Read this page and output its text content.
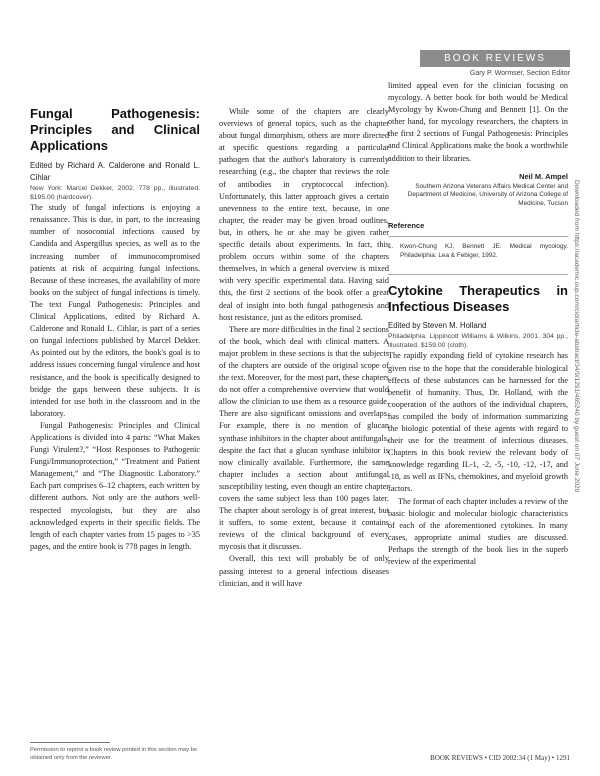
BOOK REVIEWS
Gary P. Wormser, Section Editor
Fungal Pathogenesis: Principles and Clinical Applications

Edited by Richard A. Calderone and Ronald L. Cihlar

New York: Marcel Dekker, 2002. 778 pp., illustrated. $195.00 (hardcover).

The study of fungal infections is enjoying a renaissance. This is due, in part, to the increasing number of nosocomial infections caused by Candida and Aspergillus species, as well as to the increasing number of immunocompromised patients at risk of acquiring fungal infections. Because of these increases, the availability of more books on the subject of fungal infections is timely. The text Fungal Pathogenesis: Principles and Clinical Applications, edited by Richard A. Calderone and Ronald L. Cihlar, is part of a series on fungal infections published by Marcel Dekker. As pointed out by the editors, the book's goal is to address issues concerning fungal virulence and host resistance, and the book is specifically designed to bridge the gaps between these subjects. It is intended for use both in the classroom and in the laboratory.

Fungal Pathogenesis: Principles and Clinical Applications is divided into 4 parts: “What Makes Fungi Virulent?,” “Host Responses to Pathogenic Fungi/Immunoprotection,” “Treatment and Patient Management,” and “The Diagnostic Laboratory.” Each part comprises 6–12 chapters, each written by different authors. Not only are the authors well-respected mycologists, but they are also acknowledged experts in their specific fields. The length of each chapter varies from 15 pages to >35 pages, and the entire book is 778 pages in length.

While some of the chapters are clearly overviews of general topics, such as the chapter about fungal dimorphism, others are more directed at specific questions regarding a particular pathogen that the author's laboratory is currently researching (e.g., the chapter that reviews the role of antibodies in cryptococcal infection). Unfortunately, this latter approach gives a certain unevenness to the entire text, because, in one chapter, the reader may be given broad outlines, but, in others, he or she may be given rather specific details about experiments. In fact, this problem occurs within some of the chapters themselves, in which a general overview is mixed with very specific experimental data. Having said this, the first 2 sections of the book offer a great deal of insight into both fungal pathogenesis and host resistance, just as the editors promised.

There are more difficulties in the final 2 sections of the book, which deal with clinical matters. A major problem in these sections is that the subjects of the chapters are outside of the original scope of the text. Moreover, for the most part, these chapters do not offer a comprehensive overview that would allow the clinician to use them as a resource guide. There are also significant omissions and overlaps. For example, there is no mention of glucan synthase inhibitors in the chapter about antifungals, despite the fact that a glucan synthase inhibitor is now clinically available. Furthermore, the same chapter includes a section about antifungal susceptibility testing, even though an entire chapter covers the same subject less than 100 pages later. The chapter about serology is of great interest, but it suffers, to some extent, because it contains reviews of the clinical background of every mycosis that it discusses.

Overall, this text will probably be of only passing interest to a general infectious diseases clinician, and it will have

limited appeal even for the clinician focusing on mycology. A better book for both would be Medical Mycology by Kwon-Chung and Bennett [1]. On the other hand, for mycology researchers, the chapters in the first 2 sections of Fungal Pathogenesis: Principles and Clinical Applications make the book a worthwhile addition to their libraries.

Neil M. Ampel
Southern Arizona Veterans Affairs Medical Center and Department of Medicine, University of Arizona College of Medicine, Tucson
Reference
1.	Kwon-Chung KJ, Bennett JE. Medical mycology. Philadelphia: Lea & Febiger, 1992.
Cytokine Therapeutics in Infectious Diseases

Edited by Steven M. Holland

Philadelphia: Lippincott Williams & Wilkins, 2001. 304 pp., illustrated. $159.00 (cloth).

The rapidly expanding field of cytokine research has given rise to the hope that the considerable biological effects of these substances can be harnessed for the benefit of humanity. Thus, Dr. Holland, with the cooperation of the authors of the individual chapters, has compiled the body of information summarizing the biologic potential of these agents with regard to their use for the treatment of infectious diseases. Chapters in this book review the relevant body of knowledge regarding IL-1, -2, -5, -10, -12, -17, and -18, as well as IFNs, chemokines, and myeloid growth factors.

The format of each chapter includes a review of the basic biologic and molecular biologic characteristics of each of the aforementioned cytokines. In many cases, appropriate animal studies are discussed. Perhaps the strength of the book lies in the superb review of the experimental

Permission to reprint a book review printed in this section may be obtained only from the reviewer.
Downloaded from https://academic.oup.com/cid/article-abstract/34/9/1291/465240 by guest on 07 June 2020
BOOK REVIEWS • CID 2002:34 (1 May) • 1291
